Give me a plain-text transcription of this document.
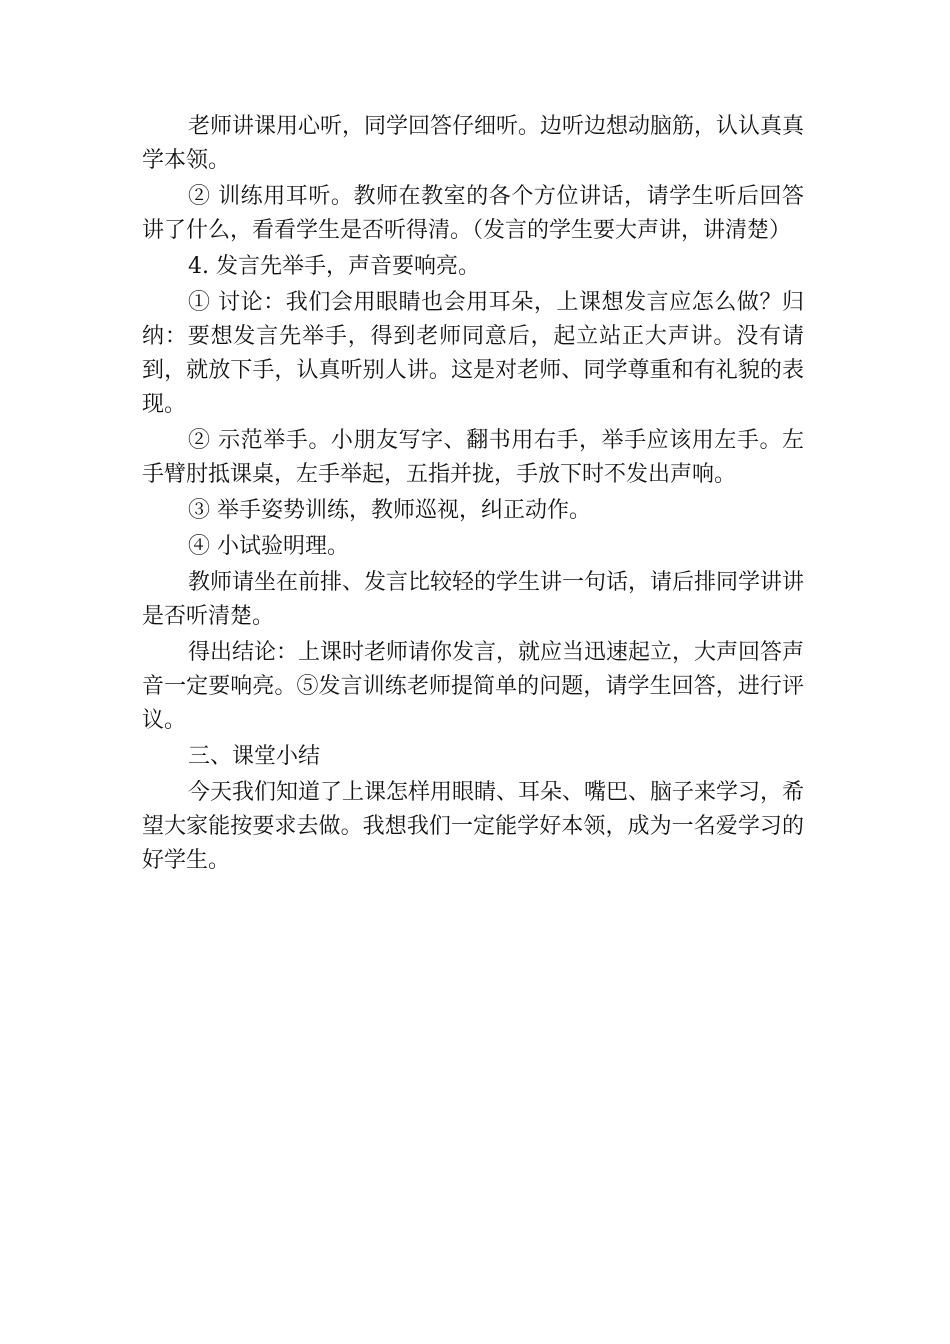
老师讲课用心听，同学回答仔细听。边听边想动脑筋，认认真真学本领。

② 训练用耳听。教师在教室的各个方位讲话，请学生听后回答讲了什么，看看学生是否听得清。（发言的学生要大声讲，讲清楚）

4. 发言先举手，声音要响亮。

① 讨论：我们会用眼睛也会用耳朵，上课想发言应怎么做？归纳：要想发言先举手，得到老师同意后，起立站正大声讲。没有请到，就放下手，认真听别人讲。这是对老师、同学尊重和有礼貌的表现。

② 示范举手。小朋友写字、翻书用右手，举手应该用左手。左手臂肘抵课桌，左手举起，五指并拢，手放下时不发出声响。

③ 举手姿势训练，教师巡视，纠正动作。

④ 小试验明理。

教师请坐在前排、发言比较轻的学生讲一句话，请后排同学讲讲是否听清楚。

得出结论：上课时老师请你发言，就应当迅速起立，大声回答声音一定要响亮。⑤发言训练老师提简单的问题，请学生回答，进行评议。

三、课堂小结

今天我们知道了上课怎样用眼睛、耳朵、嘴巴、脑子来学习，希望大家能按要求去做。我想我们一定能学好本领，成为一名爱学习的好学生。
